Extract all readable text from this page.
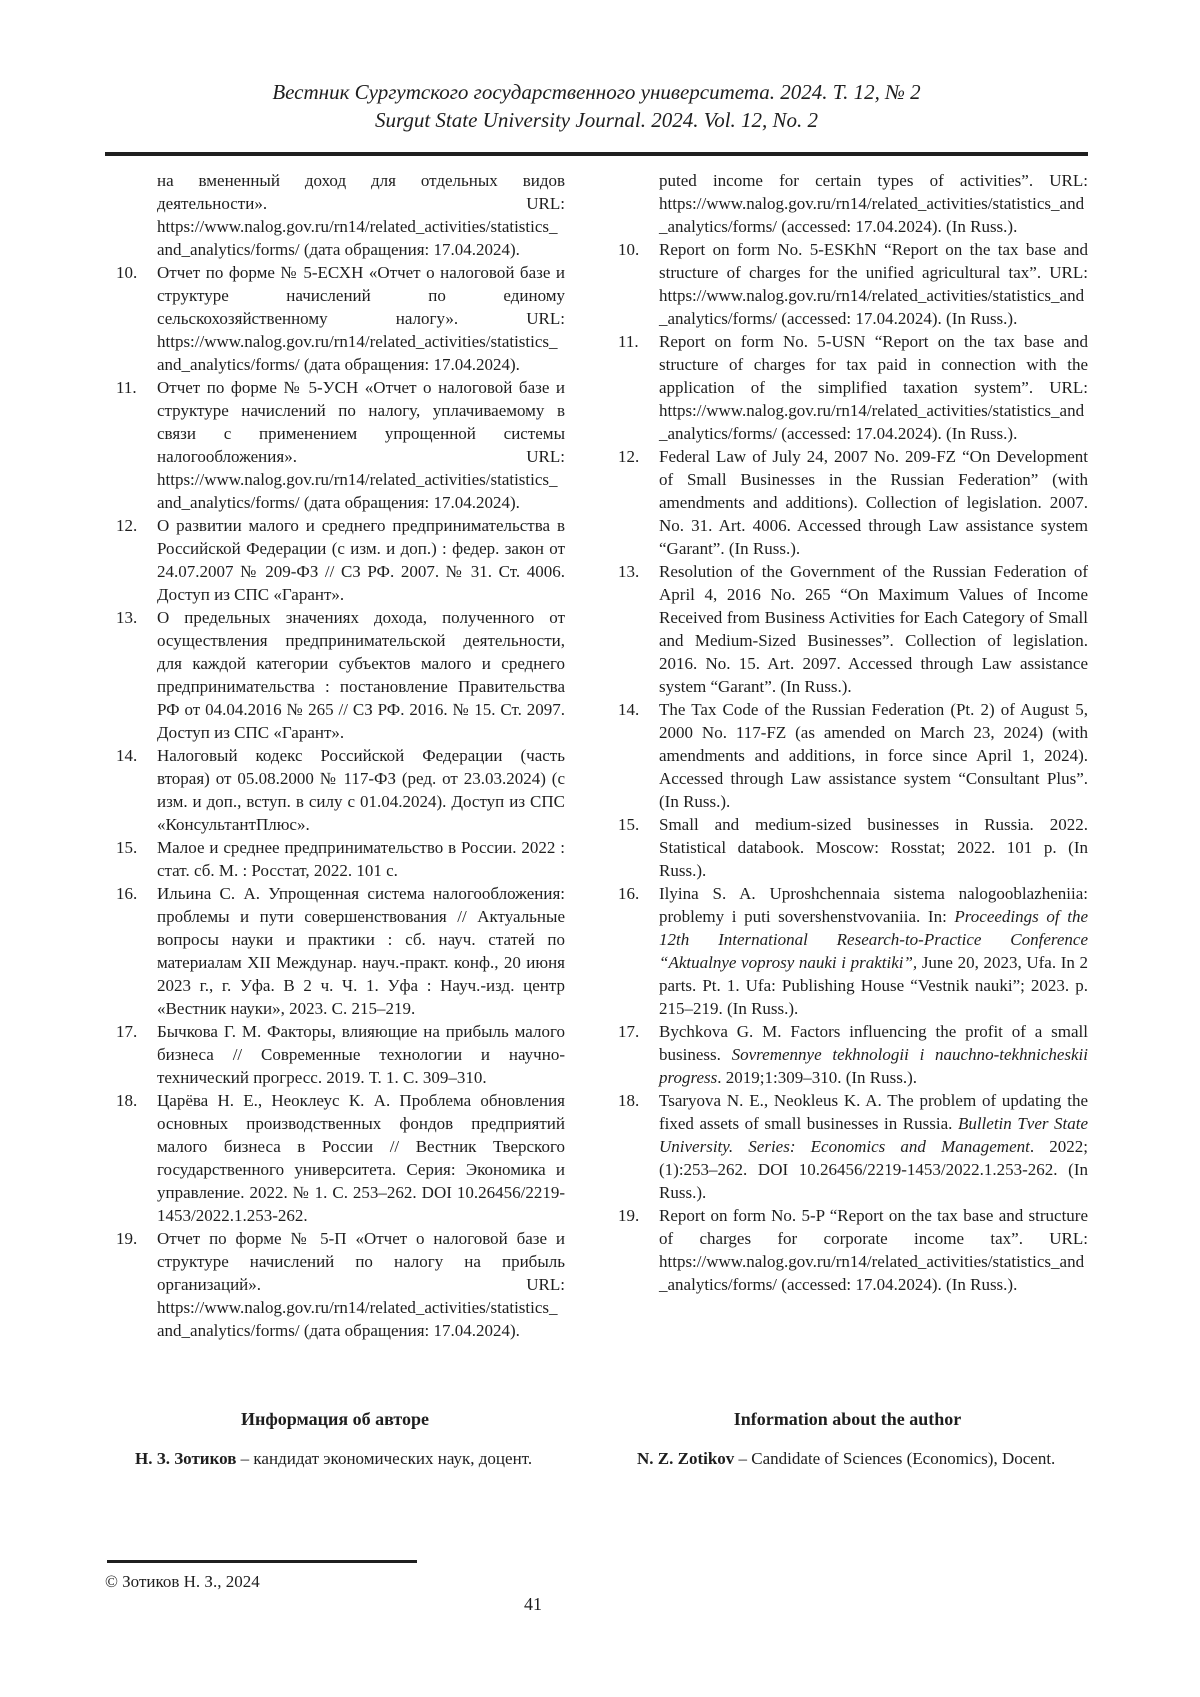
Вестник Сургутского государственного университета. 2024. Т. 12, № 2
Surgut State University Journal. 2024. Vol. 12, No. 2

на вмененный доход для отдельных видов деятельности». URL: https://www.nalog.gov.ru/rn14/related_activities/statistics_and_analytics/forms/ (дата обращения: 17.04.2024).

10.	Отчет по форме № 5-ЕСХН «Отчет о налоговой базе и структуре начислений по единому сельскохозяйственному налогу». URL: https://www.nalog.gov.ru/rn14/related_activities/statistics_and_analytics/forms/ (дата обращения: 17.04.2024).
11.	Отчет по форме № 5-УСН «Отчет о налоговой базе и структуре начислений по налогу, уплачиваемому в связи с применением упрощенной системы налогообложения». URL: https://www.nalog.gov.ru/rn14/related_activities/statistics_and_analytics/forms/ (дата обращения: 17.04.2024).
12.	О развитии малого и среднего предпринимательства в Российской Федерации (с изм. и доп.) : федер. закон от 24.07.2007 № 209-ФЗ // СЗ РФ. 2007. № 31. Ст. 4006. Доступ из СПС «Гарант».
13.	О предельных значениях дохода, полученного от осуществления предпринимательской деятельности, для каждой категории субъектов малого и среднего предпринимательства : постановление Правительства РФ от 04.04.2016 № 265 // СЗ РФ. 2016. № 15. Ст. 2097. Доступ из СПС «Гарант».
14.	Налоговый кодекс Российской Федерации (часть вторая) от 05.08.2000 № 117-ФЗ (ред. от 23.03.2024) (с изм. и доп., вступ. в силу с 01.04.2024). Доступ из СПС «КонсультантПлюс».
15.	Малое и среднее предпринимательство в России. 2022 : стат. сб. М. : Росстат, 2022. 101 с.
16.	Ильина С. А. Упрощенная система налогообложения: проблемы и пути совершенствования // Актуальные вопросы науки и практики : сб. науч. статей по материалам XII Междунар. науч.-практ. конф., 20 июня 2023 г., г. Уфа. В 2 ч. Ч. 1. Уфа : Науч.-изд. центр «Вестник науки», 2023. С. 215–219.
17.	Бычкова Г. М. Факторы, влияющие на прибыль малого бизнеса // Современные технологии и научно-технический прогресс. 2019. Т. 1. С. 309–310.
18.	Царёва Н. Е., Неоклеус К. А. Проблема обновления основных производственных фондов предприятий малого бизнеса в России // Вестник Тверского государственного университета. Серия: Экономика и управление. 2022. № 1. С. 253–262. DOI 10.26456/2219-1453/2022.1.253-262.
19.	Отчет по форме № 5-П «Отчет о налоговой базе и структуре начислений по налогу на прибыль организаций». URL: https://www.nalog.gov.ru/rn14/related_activities/statistics_and_analytics/forms/ (дата обращения: 17.04.2024).

puted income for certain types of activities”. URL: https://www.nalog.gov.ru/rn14/related_activities/statistics_and_analytics/forms/ (accessed: 17.04.2024). (In Russ.).

10.	Report on form No. 5-ESKhN “Report on the tax base and structure of charges for the unified agricultural tax”. URL: https://www.nalog.gov.ru/rn14/related_activities/statistics_and_analytics/forms/ (accessed: 17.04.2024). (In Russ.).
11.	Report on form No. 5-USN “Report on the tax base and structure of charges for tax paid in connection with the application of the simplified taxation system”. URL: https://www.nalog.gov.ru/rn14/related_activities/statistics_and_analytics/forms/ (accessed: 17.04.2024). (In Russ.).
12.	Federal Law of July 24, 2007 No. 209-FZ “On Development of Small Businesses in the Russian Federation” (with amendments and additions). Collection of legislation. 2007. No. 31. Art. 4006. Accessed through Law assistance system “Garant”. (In Russ.).
13.	Resolution of the Government of the Russian Federation of April 4, 2016 No. 265 “On Maximum Values of Income Received from Business Activities for Each Category of Small and Medium-Sized Businesses”. Collection of legislation. 2016. No. 15. Art. 2097. Accessed through Law assistance system “Garant”. (In Russ.).
14.	The Tax Code of the Russian Federation (Pt. 2) of August 5, 2000 No. 117-FZ (as amended on March 23, 2024) (with amendments and additions, in force since April 1, 2024). Accessed through Law assistance system “Consultant Plus”. (In Russ.).
15.	Small and medium-sized businesses in Russia. 2022. Statistical databook. Moscow: Rosstat; 2022. 101 p. (In Russ.).
16.	Ilyina S. A. Uproshchennaia sistema nalogooblazheniia: problemy i puti sovershenstvovaniia. In: Proceedings of the 12th International Research-to-Practice Conference “Aktualnye voprosy nauki i praktiki”, June 20, 2023, Ufa. In 2 parts. Pt. 1. Ufa: Publishing House “Vestnik nauki”; 2023. p. 215–219. (In Russ.).
17.	Bychkova G. M. Factors influencing the profit of a small business. Sovremennye tekhnologii i nauchno-tekhnicheskii progress. 2019;1:309–310. (In Russ.).
18.	Tsaryova N. E., Neokleus K. A. The problem of updating the fixed assets of small businesses in Russia. Bulletin Tver State University. Series: Economics and Management. 2022;(1):253–262. DOI 10.26456/2219-1453/2022.1.253-262. (In Russ.).
19.	Report on form No. 5-P “Report on the tax base and structure of charges for corporate income tax”. URL: https://www.nalog.gov.ru/rn14/related_activities/statistics_and_analytics/forms/ (accessed: 17.04.2024). (In Russ.).

Информация об авторе

Н. З. Зотиков – кандидат экономических наук, доцент.

Information about the author

N. Z. Zotikov – Candidate of Sciences (Economics), Docent.

© Зотиков Н. З., 2024
41
